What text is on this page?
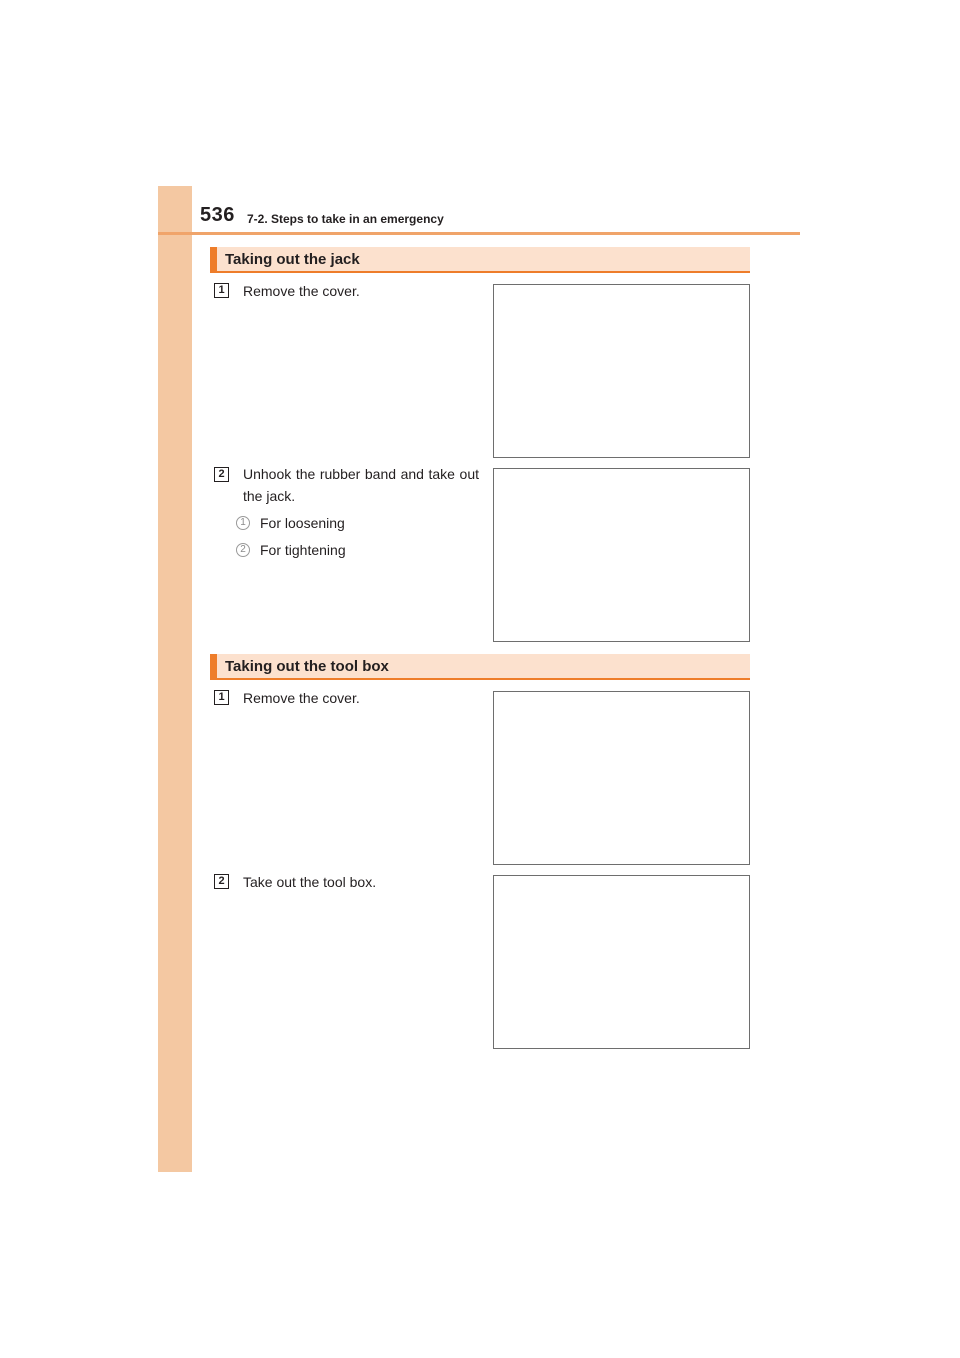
536 7-2. Steps to take in an emergency
Taking out the jack
1	Remove the cover.
2	Unhook the rubber band and take out the jack.
1	For loosening
2	For tightening
Taking out the tool box
1	Remove the cover.
2	Take out the tool box.
